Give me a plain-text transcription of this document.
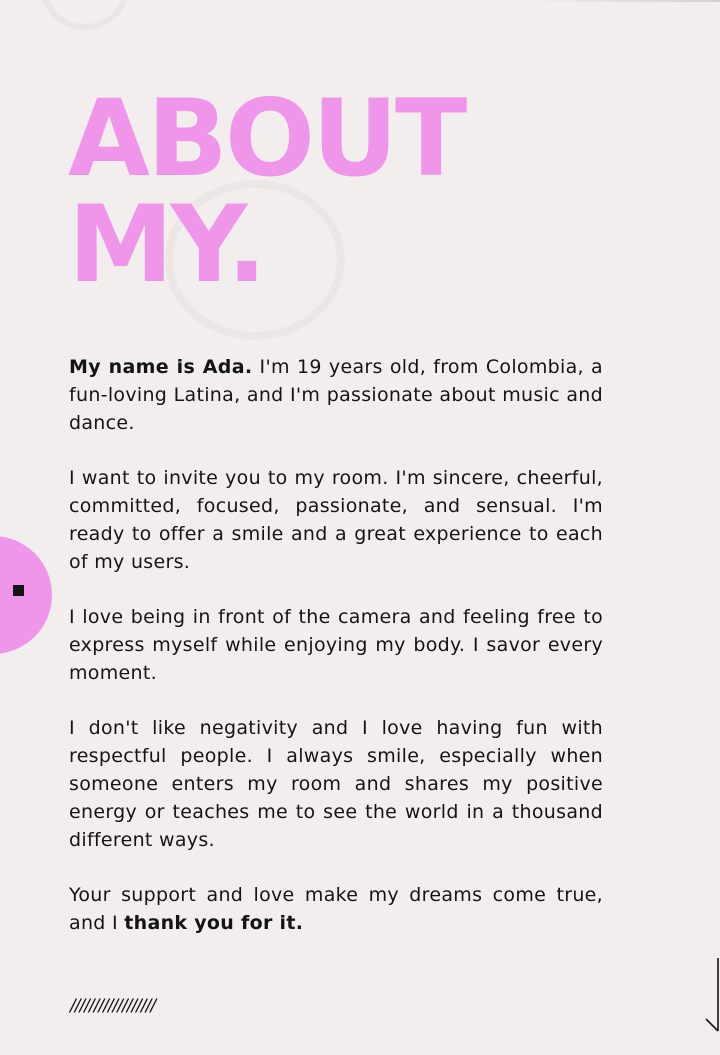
ABOUT
MY.

My name is Ada. I'm 19 years old, from Colombia, a fun-loving Latina, and I'm passionate about music and dance.

I want to invite you to my room. I'm sincere, cheerful, committed, focused, passionate, and sensual. I'm ready to offer a smile and a great experience to each of my users.

I love being in front of the camera and feeling free to express myself while enjoying my body. I savor every moment.

I don't like negativity and I love having fun with respectful people. I always smile, especially when someone enters my room and shares my positive energy or teaches me to see the world in a thousand different ways.

Your support and love make my dreams come true, and I thank you for it.

//////////////////
